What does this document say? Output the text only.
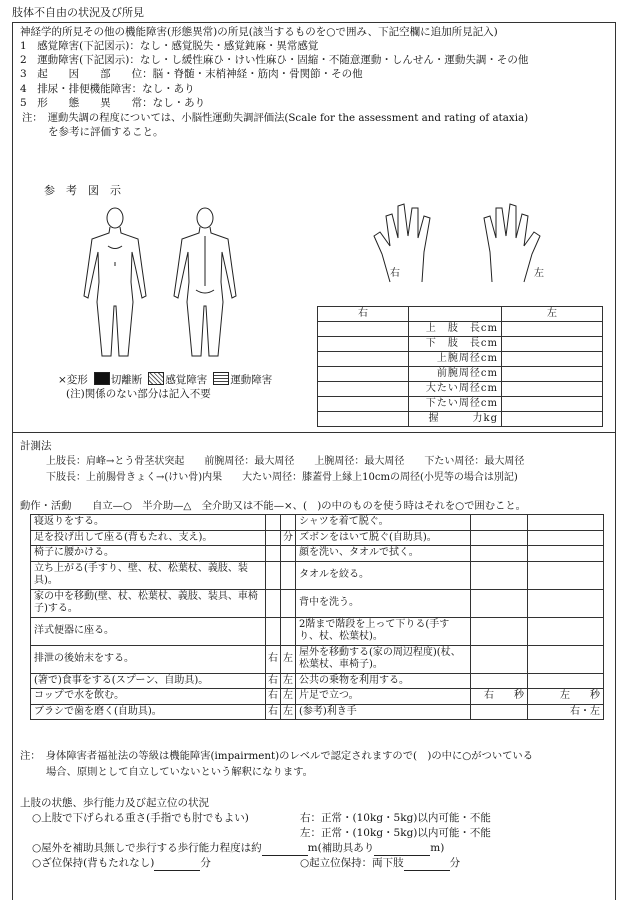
肢体不自由の状況及び所見
神経学的所見その他の機能障害(形態異常)の所見(該当するものを○で囲み、下記空欄に追加所見記入)
1　 感覚障害(下記図示)：なし・感覚脱失・感覚鈍麻・異常感覚
2　 運動障害(下記図示)：なし・し緩性麻ひ・けい性麻ひ・固縮・不随意運動・しんせん・運動失調・その他
3　 起　　因　　部　　位：脳・脊髄・末梢神経・筋肉・骨関節・その他
4　 排尿・排便機能障害：なし・あり
5　 形　　態　　異　　常：なし・あり
注：　運動失調の程度については、小脳性運動失調評価法(Scale for the assessment and rating of ataxia)
を参考に評価すること。
参　考　図　示
右	左
×変形 切離断 感覚障害 運動障害
(注)関係のない部分は記入不要
右		左
	上　肢　長cm	
	下　肢　長cm	
	上腕周径cm	
	前腕周径cm	
	大たい周径cm	
	下たい周径cm	
	握　　　力kg	
計測法
上肢長：肩峰→とう骨茎状突起　　前腕周径：最大周径　　上腕周径：最大周径　　下たい周径：最大周径
下肢長：上前腸骨きょく→(けい骨)内果　　大たい周径：膝蓋骨上縁上10cmの周径(小児等の場合は別記)
動作・活動　　自立—○　半介助—△　全介助又は不能—×、(　)の中のものを使う時はそれを○で囲むこと。
寝返りをする。			シャツを着て脱ぐ。		
足を投げ出して座る(背もたれ、支え)。		分	ズボンをはいて脱ぐ(自助具)。		
椅子に腰かける。			顔を洗い、タオルで拭く。		
立ち上がる(手すり、壁、杖、松葉杖、義肢、装具)。			タオルを絞る。		
家の中を移動(壁、杖、松葉杖、義肢、装具、車椅子)する。			背中を洗う。		
洋式便器に座る。			2階まで階段を上って下りる(手すり、杖、松葉杖)。		
排泄の後始末をする。	右	左	屋外を移動する(家の周辺程度)(杖、松葉杖、車椅子)。		
(箸で)食事をする(スプーン、自助具)。	右	左	公共の乗物を利用する。		
コップで水を飲む。	右	左	片足で立つ。	右　　秒	左　　秒
ブラシで歯を磨く(自助具)。	右	左	(参考)利き手		右・左
注：　身体障害者福祉法の等級は機能障害(impairment)のレベルで認定されますので(　)の中に○がついている
場合、原則として自立していないという解釈になります。
上肢の状態、歩行能力及び起立位の状況
○上肢で下げられる重さ(手指でも肘でもよい)	右：正常・(10kg・5kg)以内可能・不能
左：正常・(10kg・5kg)以内可能・不能
○屋外を補助具無しで歩行する歩行能力程度は約	m(補助具あり	m)
○ざ位保持(背もたれなし)	分	○起立位保持：両下肢	分
